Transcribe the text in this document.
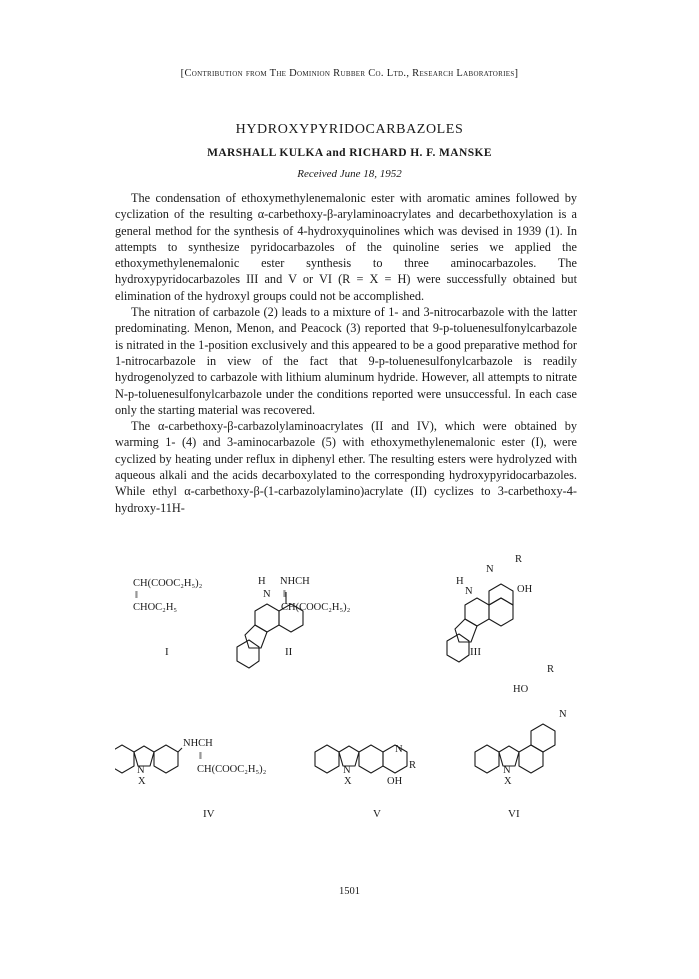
[Contribution from The Dominion Rubber Co. Ltd., Research Laboratories]
HYDROXYPYRIDOCARBAZOLES
MARSHALL KULKA and RICHARD H. F. MANSKE
Received June 18, 1952

The condensation of ethoxymethylenemalonic ester with aromatic amines followed by cyclization of the resulting α-carbethoxy-β-arylaminoacrylates and decarbethoxylation is a general method for the synthesis of 4-hydroxyquinolines which was devised in 1939 (1). In attempts to synthesize pyridocarbazoles of the quinoline series we applied the ethoxymethylenemalonic ester synthesis to three aminocarbazoles. The hydroxypyridocarbazoles III and V or VI (R = X = H) were successfully obtained but elimination of the hydroxyl groups could not be accomplished.

The nitration of carbazole (2) leads to a mixture of 1- and 3-nitrocarbazole with the latter predominating. Menon, Menon, and Peacock (3) reported that 9-p-toluenesulfonylcarbazole is nitrated in the 1-position exclusively and this appeared to be a good preparative method for 1-nitrocarbazole in view of the fact that 9-p-toluenesulfonylcarbazole is readily hydrogenolyzed to carbazole with lithium aluminum hydride. However, all attempts to nitrate N-p-toluenesulfonylcarbazole under the conditions reported were unsuccessful. In each case only the starting material was recovered.

The α-carbethoxy-β-carbazolylaminoacrylates (II and IV), which were obtained by warming 1- (4) and 3-aminocarbazole (5) with ethoxymethylenemalonic ester (I), were cyclized by heating under reflux in diphenyl ether. The resulting esters were hydrolyzed with aqueous alkali and the acids decarboxylated to the corresponding hydroxypyridocarbazoles. While ethyl α-carbethoxy-β-(1-carbazolylamino)acrylate (II) cyclizes to 3-carbethoxy-4-hydroxy-11H-

CH(COOC₂H₅)₂
‖
CHOC₂H₅
I
H NHCH
N ‖
CH(COOC₂H₅)₂
II
H
N
N
R
OH
III
NHCH
‖
CH(COOC₂H₅)₂
N
X
IV
N
R
N
X	OH
V
R
HO
N
N
X
VI
1501
